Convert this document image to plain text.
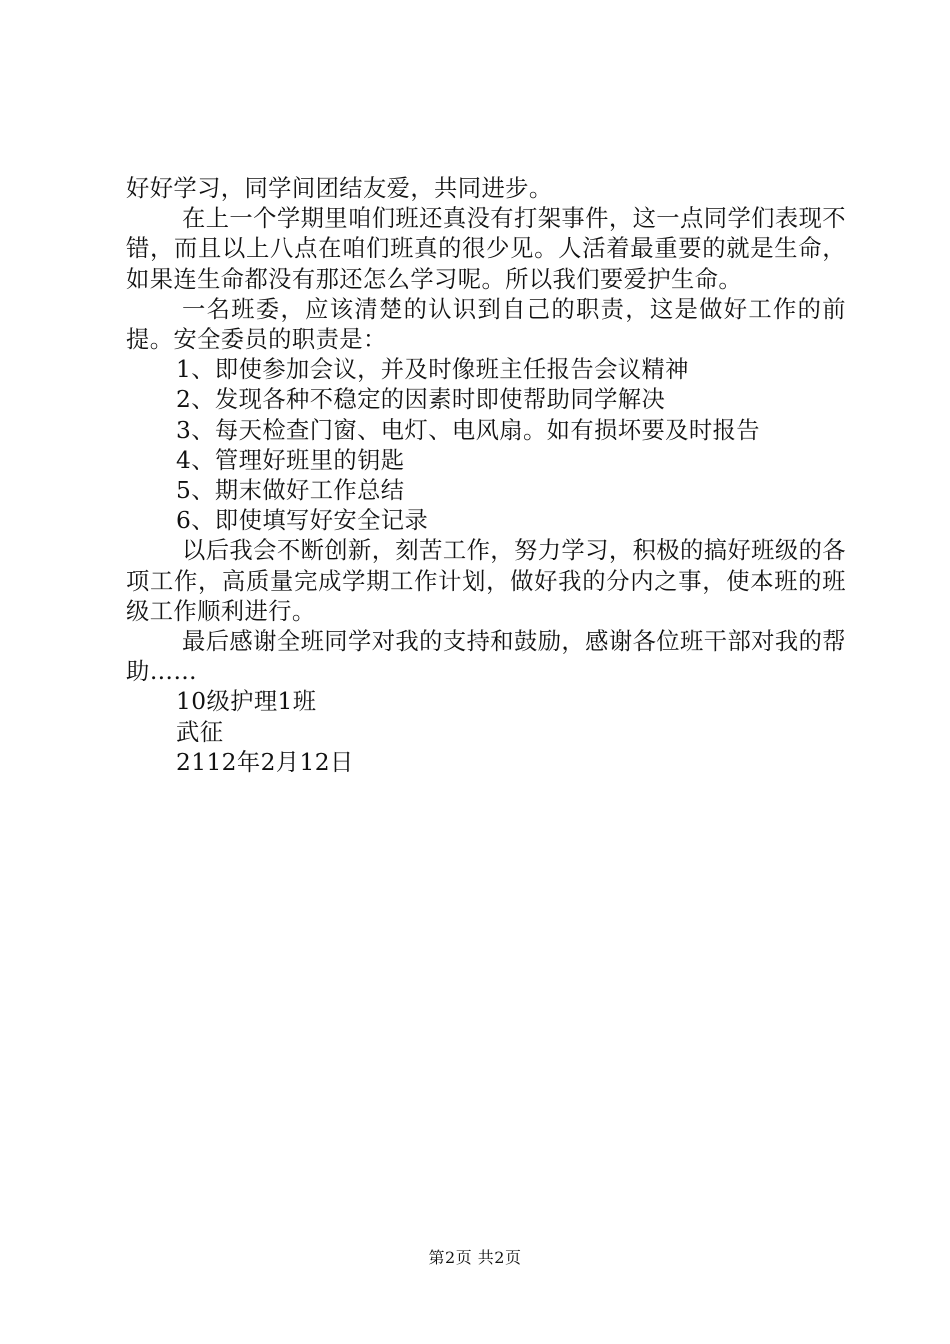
好好学习，同学间团结友爱，共同进步。

在上一个学期里咱们班还真没有打架事件，这一点同学们表现不错，而且以上八点在咱们班真的很少见。人活着最重要的就是生命，如果连生命都没有那还怎么学习呢。所以我们要爱护生命。

一名班委，应该清楚的认识到自己的职责，这是做好工作的前提。安全委员的职责是：

1、即使参加会议，并及时像班主任报告会议精神

2、发现各种不稳定的因素时即使帮助同学解决

3、每天检查门窗、电灯、电风扇。如有损坏要及时报告

4、管理好班里的钥匙

5、期末做好工作总结

6、即使填写好安全记录

以后我会不断创新，刻苦工作，努力学习，积极的搞好班级的各项工作，高质量完成学期工作计划，做好我的分内之事，使本班的班级工作顺利进行。

最后感谢全班同学对我的支持和鼓励，感谢各位班干部对我的帮助……

10级护理1班

武征

2112年2月12日

第2页 共2页
